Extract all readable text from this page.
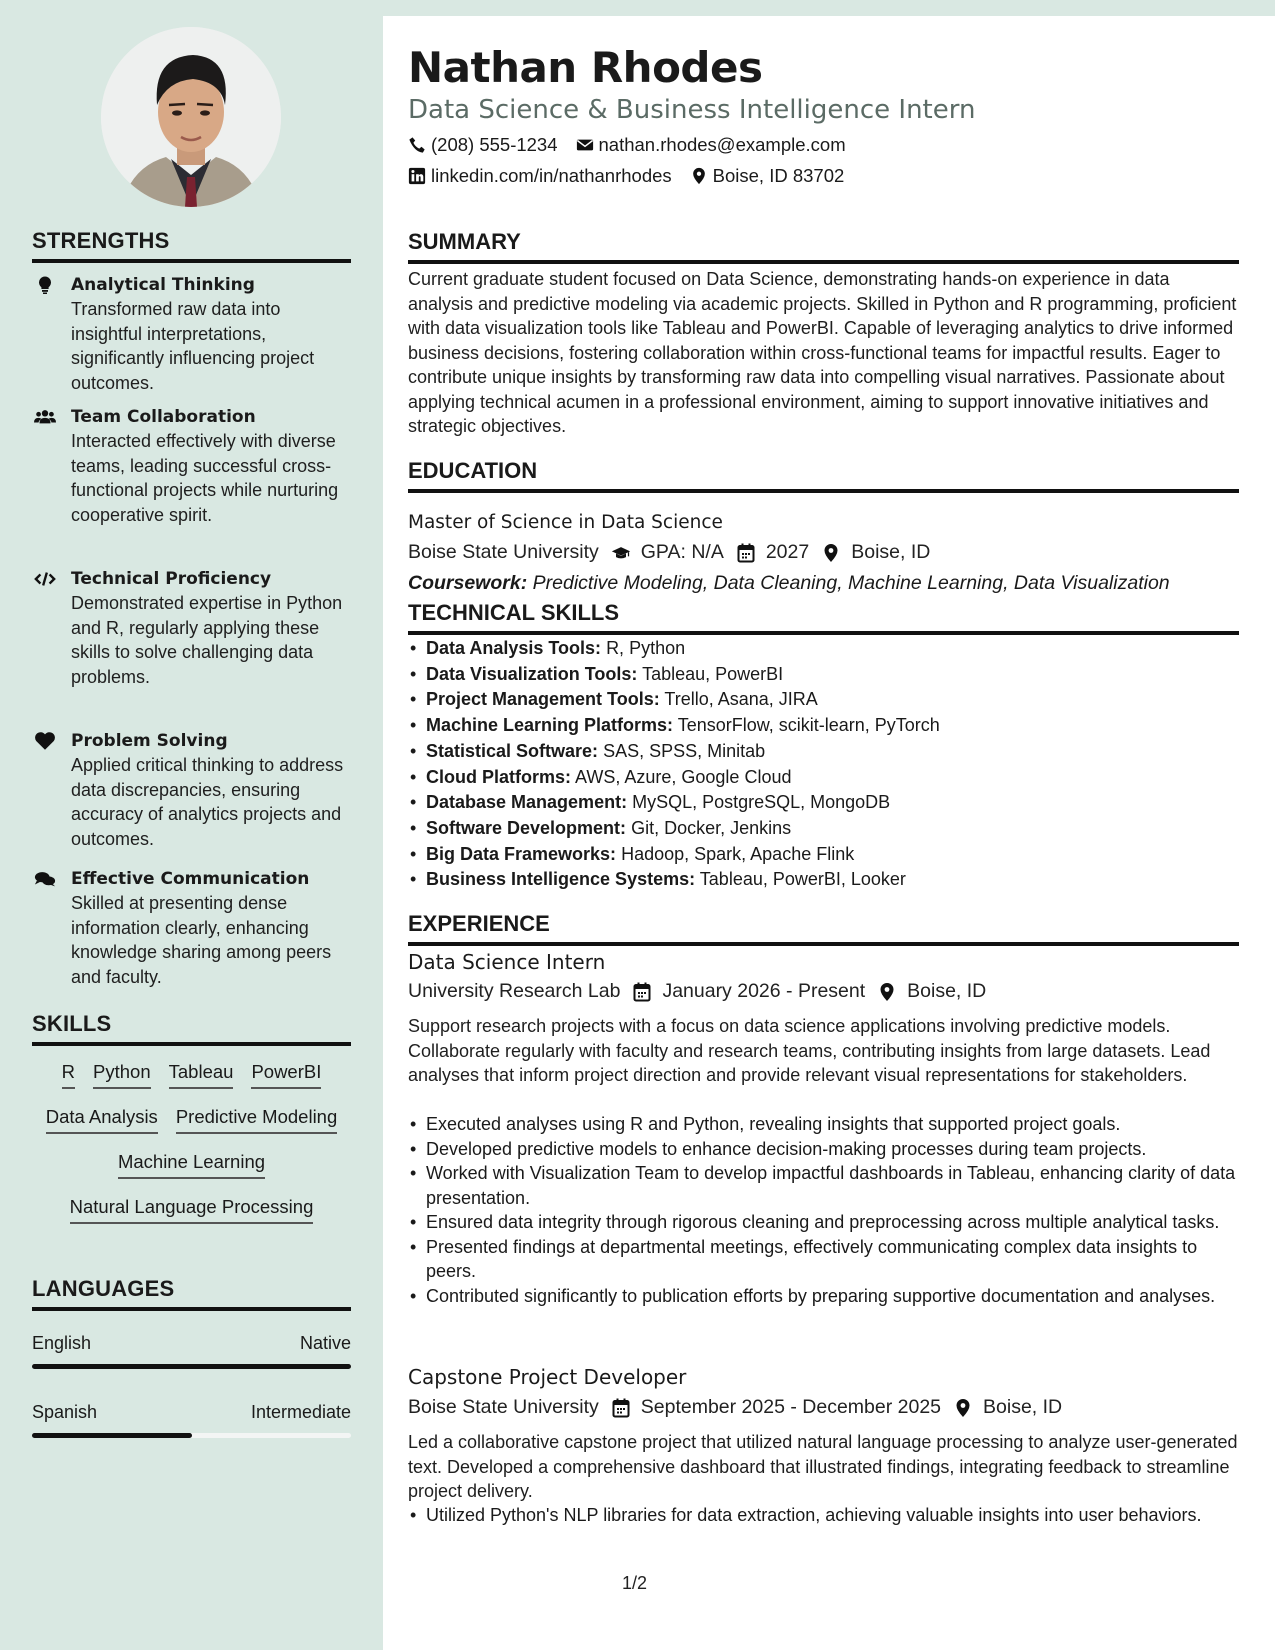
STRENGTHS
Analytical Thinking
Transformed raw data into insightful interpretations, significantly influencing project outcomes.
Team Collaboration
Interacted effectively with diverse teams, leading successful cross-functional projects while nurturing cooperative spirit.
Technical Proficiency
Demonstrated expertise in Python and R, regularly applying these skills to solve challenging data problems.
Problem Solving
Applied critical thinking to address data discrepancies, ensuring accuracy of analytics projects and outcomes.
Effective Communication
Skilled at presenting dense information clearly, enhancing knowledge sharing among peers and faculty.
SKILLS
R Python Tableau PowerBI
Data Analysis Predictive Modeling
Machine Learning
Natural Language Processing
LANGUAGES
English	Native
Spanish	Intermediate
Nathan Rhodes
Data Science & Business Intelligence Intern
(208) 555-1234 nathan.rhodes@example.com
linkedin.com/in/nathanrhodes Boise, ID 83702
SUMMARY
Current graduate student focused on Data Science, demonstrating hands-on experience in data analysis and predictive modeling via academic projects. Skilled in Python and R programming, proficient with data visualization tools like Tableau and PowerBI. Capable of leveraging analytics to drive informed business decisions, fostering collaboration within cross-functional teams for impactful results. Eager to contribute unique insights by transforming raw data into compelling visual narratives. Passionate about applying technical acumen in a professional environment, aiming to support innovative initiatives and strategic objectives.
EDUCATION
Master of Science in Data Science
Boise State University GPA: N/A 2027 Boise, ID
Coursework: Predictive Modeling, Data Cleaning, Machine Learning, Data Visualization
TECHNICAL SKILLS
• Data Analysis Tools: R, Python
• Data Visualization Tools: Tableau, PowerBI
• Project Management Tools: Trello, Asana, JIRA
• Machine Learning Platforms: TensorFlow, scikit-learn, PyTorch
• Statistical Software: SAS, SPSS, Minitab
• Cloud Platforms: AWS, Azure, Google Cloud
• Database Management: MySQL, PostgreSQL, MongoDB
• Software Development: Git, Docker, Jenkins
• Big Data Frameworks: Hadoop, Spark, Apache Flink
• Business Intelligence Systems: Tableau, PowerBI, Looker
EXPERIENCE
Data Science Intern
University Research Lab January 2026 - Present Boise, ID
Support research projects with a focus on data science applications involving predictive models. Collaborate regularly with faculty and research teams, contributing insights from large datasets. Lead analyses that inform project direction and provide relevant visual representations for stakeholders.
• Executed analyses using R and Python, revealing insights that supported project goals.
• Developed predictive models to enhance decision-making processes during team projects.
• Worked with Visualization Team to develop impactful dashboards in Tableau, enhancing clarity of data presentation.
• Ensured data integrity through rigorous cleaning and preprocessing across multiple analytical tasks.
• Presented findings at departmental meetings, effectively communicating complex data insights to peers.
• Contributed significantly to publication efforts by preparing supportive documentation and analyses.
Capstone Project Developer
Boise State University September 2025 - December 2025 Boise, ID
Led a collaborative capstone project that utilized natural language processing to analyze user-generated text. Developed a comprehensive dashboard that illustrated findings, integrating feedback to streamline project delivery.
• Utilized Python's NLP libraries for data extraction, achieving valuable insights into user behaviors.
1/2
